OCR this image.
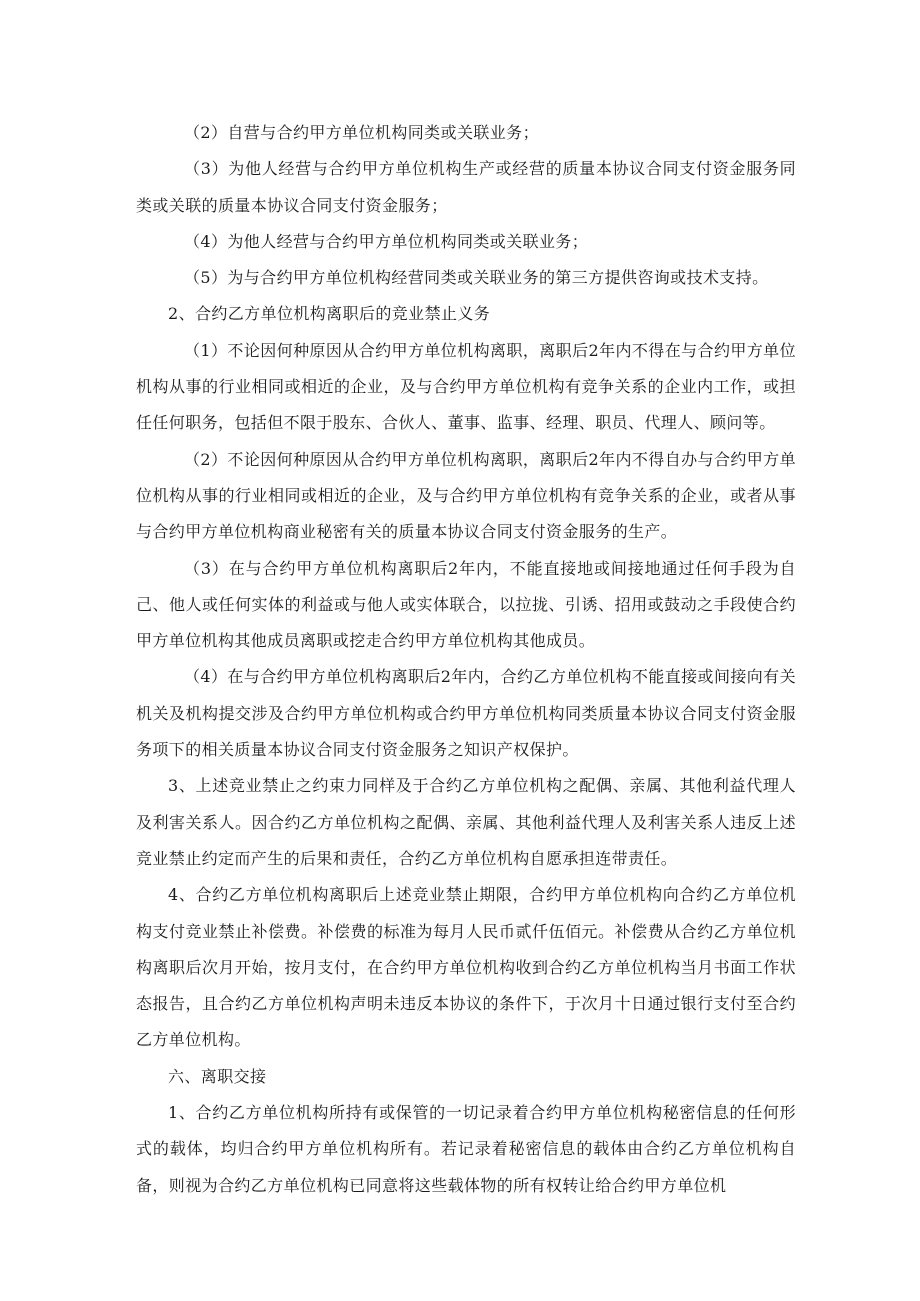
（2）自营与合约甲方单位机构同类或关联业务；

（3）为他人经营与合约甲方单位机构生产或经营的质量本协议合同支付资金服务同类或关联的质量本协议合同支付资金服务；

（4）为他人经营与合约甲方单位机构同类或关联业务；

（5）为与合约甲方单位机构经营同类或关联业务的第三方提供咨询或技术支持。

2、合约乙方单位机构离职后的竞业禁止义务

（1）不论因何种原因从合约甲方单位机构离职，离职后2年内不得在与合约甲方单位机构从事的行业相同或相近的企业，及与合约甲方单位机构有竞争关系的企业内工作，或担任任何职务，包括但不限于股东、合伙人、董事、监事、经理、职员、代理人、顾问等。

（2）不论因何种原因从合约甲方单位机构离职，离职后2年内不得自办与合约甲方单位机构从事的行业相同或相近的企业，及与合约甲方单位机构有竞争关系的企业，或者从事与合约甲方单位机构商业秘密有关的质量本协议合同支付资金服务的生产。

（3）在与合约甲方单位机构离职后2年内，不能直接地或间接地通过任何手段为自己、他人或任何实体的利益或与他人或实体联合，以拉拢、引诱、招用或鼓动之手段使合约甲方单位机构其他成员离职或挖走合约甲方单位机构其他成员。

（4）在与合约甲方单位机构离职后2年内，合约乙方单位机构不能直接或间接向有关机关及机构提交涉及合约甲方单位机构或合约甲方单位机构同类质量本协议合同支付资金服务项下的相关质量本协议合同支付资金服务之知识产权保护。

3、上述竞业禁止之约束力同样及于合约乙方单位机构之配偶、亲属、其他利益代理人及利害关系人。因合约乙方单位机构之配偶、亲属、其他利益代理人及利害关系人违反上述竞业禁止约定而产生的后果和责任，合约乙方单位机构自愿承担连带责任。

4、合约乙方单位机构离职后上述竞业禁止期限，合约甲方单位机构向合约乙方单位机构支付竞业禁止补偿费。补偿费的标准为每月人民币贰仟伍佰元。补偿费从合约乙方单位机构离职后次月开始，按月支付，在合约甲方单位机构收到合约乙方单位机构当月书面工作状态报告，且合约乙方单位机构声明未违反本协议的条件下，于次月十日通过银行支付至合约乙方单位机构。

六、离职交接

1、合约乙方单位机构所持有或保管的一切记录着合约甲方单位机构秘密信息的任何形式的载体，均归合约甲方单位机构所有。若记录着秘密信息的载体由合约乙方单位机构自备，则视为合约乙方单位机构已同意将这些载体物的所有权转让给合约甲方单位机
